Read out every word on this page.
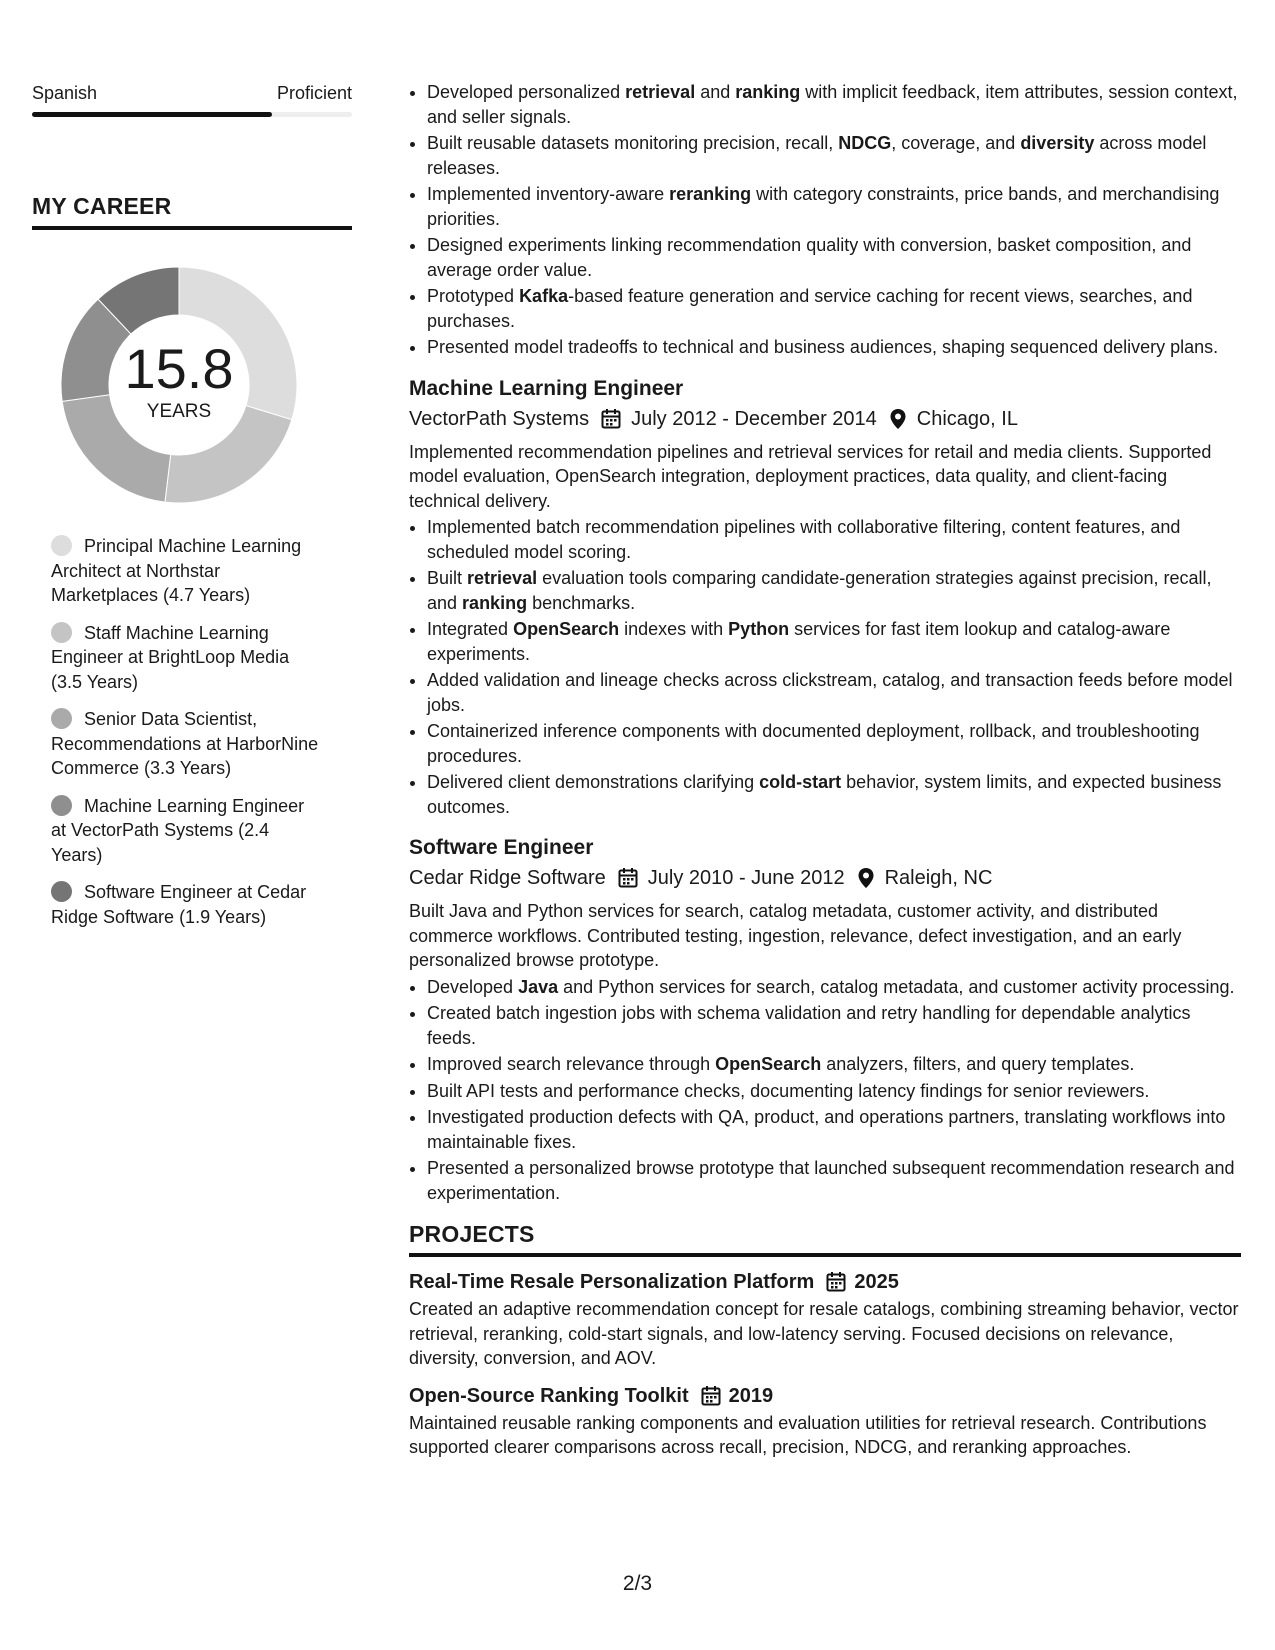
Spanish	Proficient
MY CAREER
15.8
YEARS
Principal Machine Learning Architect at Northstar Marketplaces (4.7 Years)
Staff Machine Learning Engineer at BrightLoop Media (3.5 Years)
Senior Data Scientist, Recommendations at HarborNine Commerce (3.3 Years)
Machine Learning Engineer at VectorPath Systems (2.4 Years)
Software Engineer at Cedar Ridge Software (1.9 Years)
• Developed personalized retrieval and ranking with implicit feedback, item attributes, session context, and seller signals.
• Built reusable datasets monitoring precision, recall, NDCG, coverage, and diversity across model releases.
• Implemented inventory-aware reranking with category constraints, price bands, and merchandising priorities.
• Designed experiments linking recommendation quality with conversion, basket composition, and average order value.
• Prototyped Kafka-based feature generation and service caching for recent views, searches, and purchases.
• Presented model tradeoffs to technical and business audiences, shaping sequenced delivery plans.
Machine Learning Engineer
VectorPath Systems July 2012 - December 2014 Chicago, IL
Implemented recommendation pipelines and retrieval services for retail and media clients. Supported model evaluation, OpenSearch integration, deployment practices, data quality, and client-facing technical delivery.
• Implemented batch recommendation pipelines with collaborative filtering, content features, and scheduled model scoring.
• Built retrieval evaluation tools comparing candidate-generation strategies against precision, recall, and ranking benchmarks.
• Integrated OpenSearch indexes with Python services for fast item lookup and catalog-aware experiments.
• Added validation and lineage checks across clickstream, catalog, and transaction feeds before model jobs.
• Containerized inference components with documented deployment, rollback, and troubleshooting procedures.
• Delivered client demonstrations clarifying cold-start behavior, system limits, and expected business outcomes.
Software Engineer
Cedar Ridge Software July 2010 - June 2012 Raleigh, NC
Built Java and Python services for search, catalog metadata, customer activity, and distributed commerce workflows. Contributed testing, ingestion, relevance, defect investigation, and an early personalized browse prototype.
• Developed Java and Python services for search, catalog metadata, and customer activity processing.
• Created batch ingestion jobs with schema validation and retry handling for dependable analytics feeds.
• Improved search relevance through OpenSearch analyzers, filters, and query templates.
• Built API tests and performance checks, documenting latency findings for senior reviewers.
• Investigated production defects with QA, product, and operations partners, translating workflows into maintainable fixes.
• Presented a personalized browse prototype that launched subsequent recommendation research and experimentation.
PROJECTS
Real-Time Resale Personalization Platform 2025
Created an adaptive recommendation concept for resale catalogs, combining streaming behavior, vector retrieval, reranking, cold-start signals, and low-latency serving. Focused decisions on relevance, diversity, conversion, and AOV.
Open-Source Ranking Toolkit 2019
Maintained reusable ranking components and evaluation utilities for retrieval research. Contributions supported clearer comparisons across recall, precision, NDCG, and reranking approaches.
2/3
